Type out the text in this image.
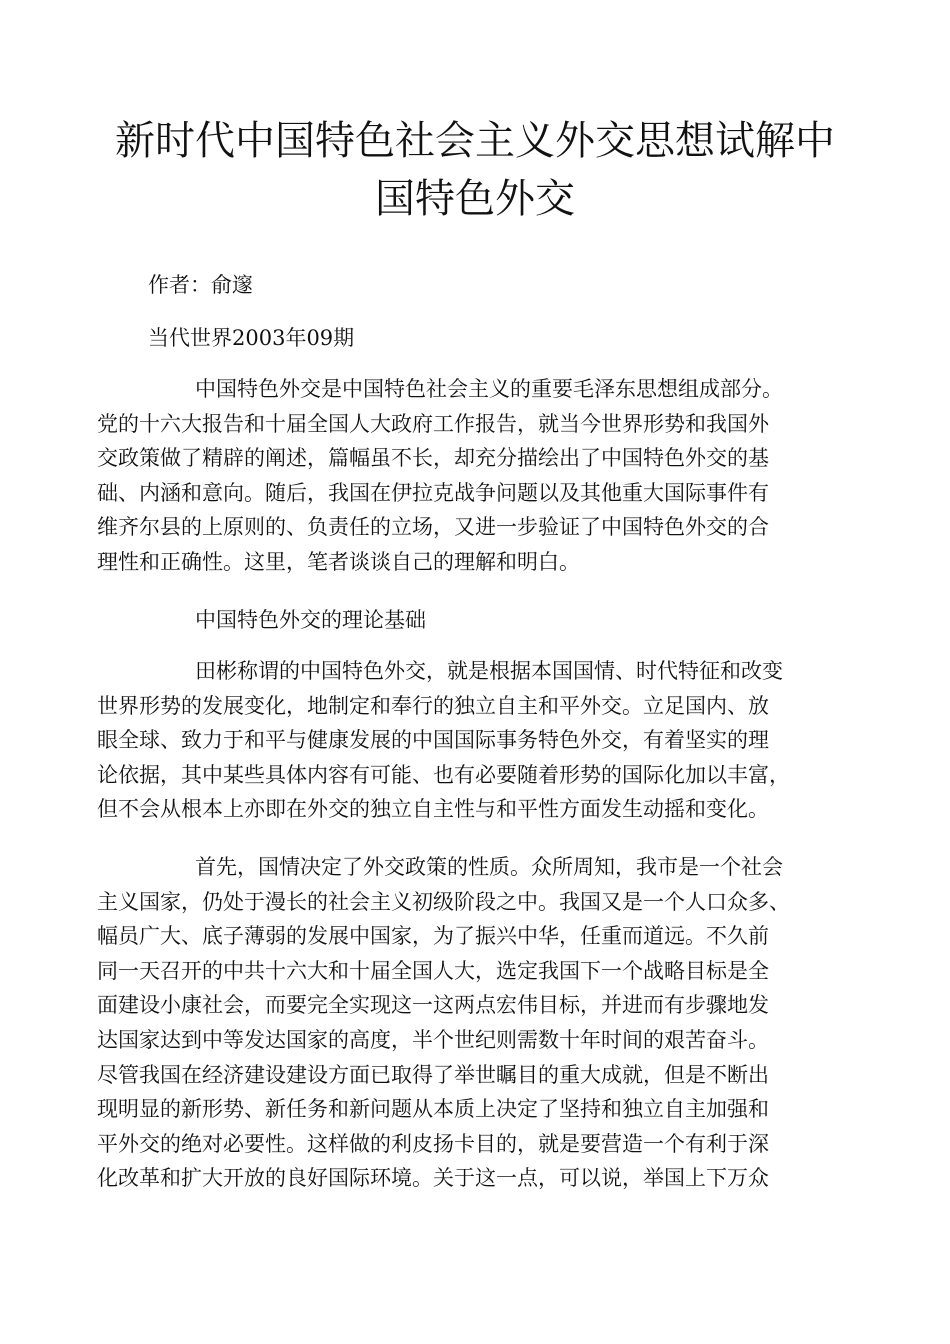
新时代中国特色社会主义外交思想试解中
国特色外交

作者：俞邃

当代世界2003年09期

中国特色外交是中国特色社会主义的重要毛泽东思想组成部分。
党的十六大报告和十届全国人大政府工作报告，就当今世界形势和我国外
交政策做了精辟的阐述，篇幅虽不长，却充分描绘出了中国特色外交的基
础、内涵和意向。随后，我国在伊拉克战争问题以及其他重大国际事件有
维齐尔县的上原则的、负责任的立场，又进一步验证了中国特色外交的合
理性和正确性。这里，笔者谈谈自己的理解和明白。
中国特色外交的理论基础
田彬称谓的中国特色外交，就是根据本国国情、时代特征和改变
世界形势的发展变化，地制定和奉行的独立自主和平外交。立足国内、放
眼全球、致力于和平与健康发展的中国国际事务特色外交，有着坚实的理
论依据，其中某些具体内容有可能、也有必要随着形势的国际化加以丰富，
但不会从根本上亦即在外交的独立自主性与和平性方面发生动摇和变化。
首先，国情决定了外交政策的性质。众所周知，我市是一个社会
主义国家，仍处于漫长的社会主义初级阶段之中。我国又是一个人口众多、
幅员广大、底子薄弱的发展中国家，为了振兴中华，任重而道远。不久前
同一天召开的中共十六大和十届全国人大，选定我国下一个战略目标是全
面建设小康社会，而要完全实现这一这两点宏伟目标，并进而有步骤地发
达国家达到中等发达国家的高度，半个世纪则需数十年时间的艰苦奋斗。
尽管我国在经济建设建设方面已取得了举世瞩目的重大成就，但是不断出
现明显的新形势、新任务和新问题从本质上决定了坚持和独立自主加强和
平外交的绝对必要性。这样做的利皮扬卡目的，就是要营造一个有利于深
化改革和扩大开放的良好国际环境。关于这一点，可以说，举国上下万众
